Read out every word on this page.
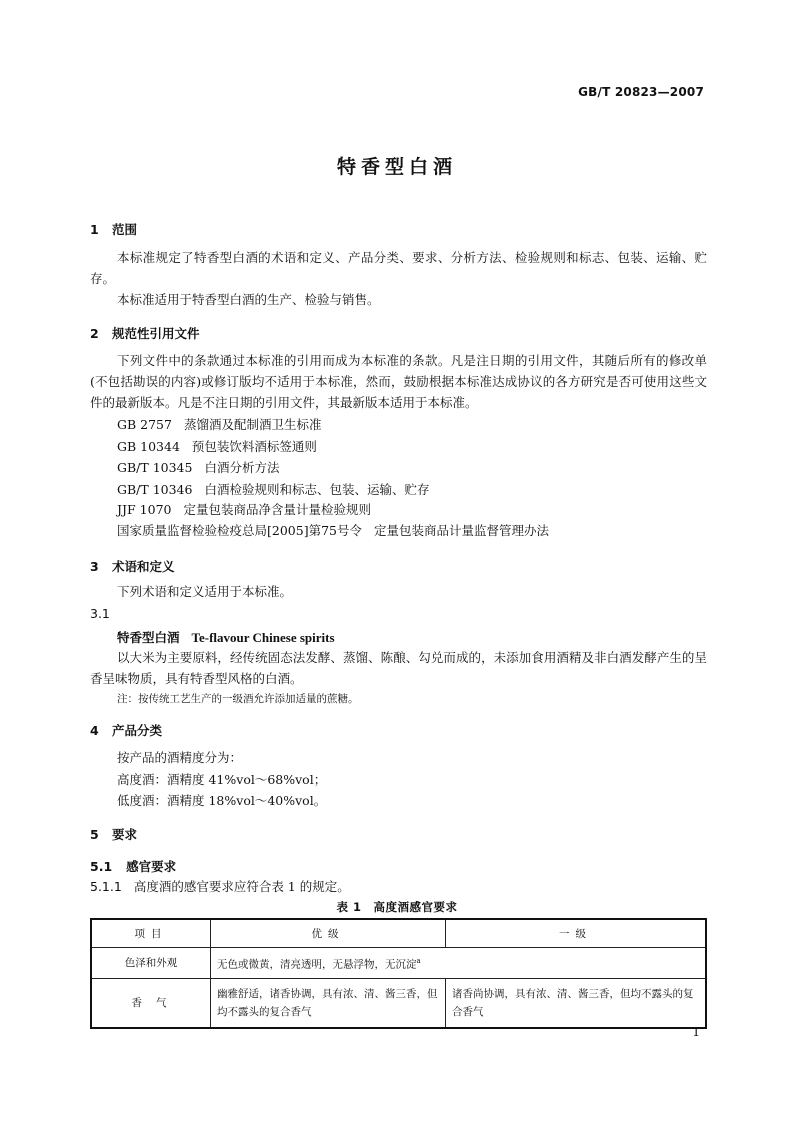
GB/T 20823—2007
特香型白酒
1 范围
本标准规定了特香型白酒的术语和定义、产品分类、要求、分析方法、检验规则和标志、包装、运输、贮存。
本标准适用于特香型白酒的生产、检验与销售。
2 规范性引用文件
下列文件中的条款通过本标准的引用而成为本标准的条款。凡是注日期的引用文件，其随后所有的修改单(不包括勘误的内容)或修订版均不适用于本标准，然而，鼓励根据本标准达成协议的各方研究是否可使用这些文件的最新版本。凡是不注日期的引用文件，其最新版本适用于本标准。
GB 2757 蒸馏酒及配制酒卫生标准
GB 10344 预包装饮料酒标签通则
GB/T 10345 白酒分析方法
GB/T 10346 白酒检验规则和标志、包装、运输、贮存
JJF 1070 定量包装商品净含量计量检验规则
国家质量监督检验检疫总局[2005]第75号令 定量包装商品计量监督管理办法
3 术语和定义
下列术语和定义适用于本标准。
3.1
特香型白酒 Te-flavour Chinese spirits
以大米为主要原料，经传统固态法发酵、蒸馏、陈酿、勾兑而成的，未添加食用酒精及非白酒发酵产生的呈香呈味物质，具有特香型风格的白酒。
注：按传统工艺生产的一级酒允许添加适量的蔗糖。
4 产品分类
按产品的酒精度分为：
高度酒：酒精度 41%vol～68%vol；
低度酒：酒精度 18%vol～40%vol。
5 要求
5.1 感官要求
5.1.1 高度酒的感官要求应符合表 1 的规定。
表 1　高度酒感官要求
项目	优级	一级
色泽和外观	无色或微黄，清亮透明，无悬浮物，无沉淀$^a$
香气	幽雅舒适，诸香协调，具有浓、清、酱三香，但均不露头的复合香气	诸香尚协调，具有浓、清、酱三香，但均不露头的复合香气
1
